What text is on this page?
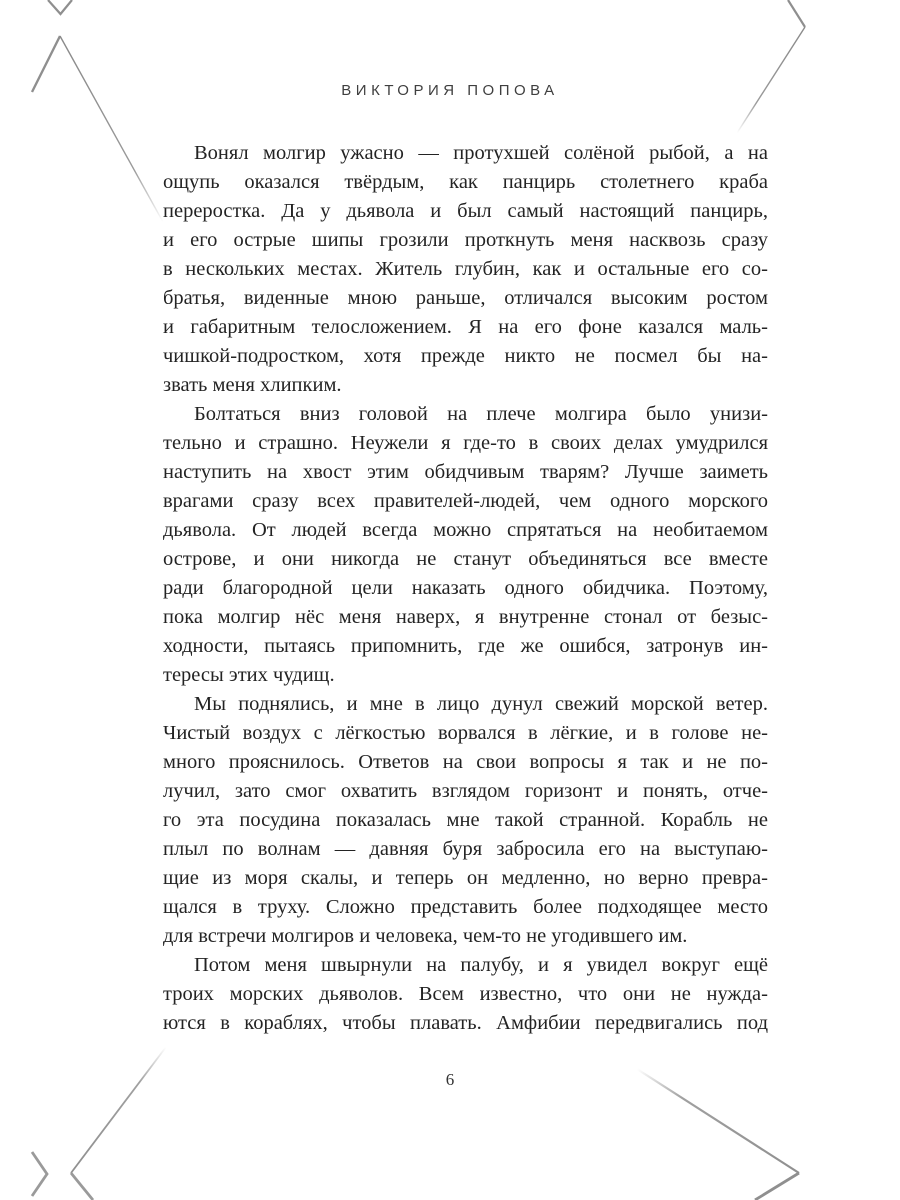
ВИКТОРИЯ ПОПОВА
Вонял молгир ужасно — протухшей солёной рыбой, а на
ощупь оказался твёрдым, как панцирь столетнего краба
переростка. Да у дьявола и был самый настоящий панцирь,
и его острые шипы грозили проткнуть меня насквозь сразу
в нескольких местах. Житель глубин, как и остальные его со-
братья, виденные мною раньше, отличался высоким ростом
и габаритным телосложением. Я на его фоне казался маль-
чишкой-подростком, хотя прежде никто не посмел бы на-
звать меня хлипким.
Болтаться вниз головой на плече молгира было унизи-
тельно и страшно. Неужели я где-то в своих делах умудрился
наступить на хвост этим обидчивым тварям? Лучше заиметь
врагами сразу всех правителей-людей, чем одного морского
дьявола. От людей всегда можно спрятаться на необитаемом
острове, и они никогда не станут объединяться все вместе
ради благородной цели наказать одного обидчика. Поэтому,
пока молгир нёс меня наверх, я внутренне стонал от безыс-
ходности, пытаясь припомнить, где же ошибся, затронув ин-
тересы этих чудищ.
Мы поднялись, и мне в лицо дунул свежий морской ветер.
Чистый воздух с лёгкостью ворвался в лёгкие, и в голове не-
много прояснилось. Ответов на свои вопросы я так и не по-
лучил, зато смог охватить взглядом горизонт и понять, отче-
го эта посудина показалась мне такой странной. Корабль не
плыл по волнам — давняя буря забросила его на выступаю-
щие из моря скалы, и теперь он медленно, но верно превра-
щался в труху. Сложно представить более подходящее место
для встречи молгиров и человека, чем-то не угодившего им.
Потом меня швырнули на палубу, и я увидел вокруг ещё
троих морских дьяволов. Всем известно, что они не нужда-
ются в кораблях, чтобы плавать. Амфибии передвигались под
6
